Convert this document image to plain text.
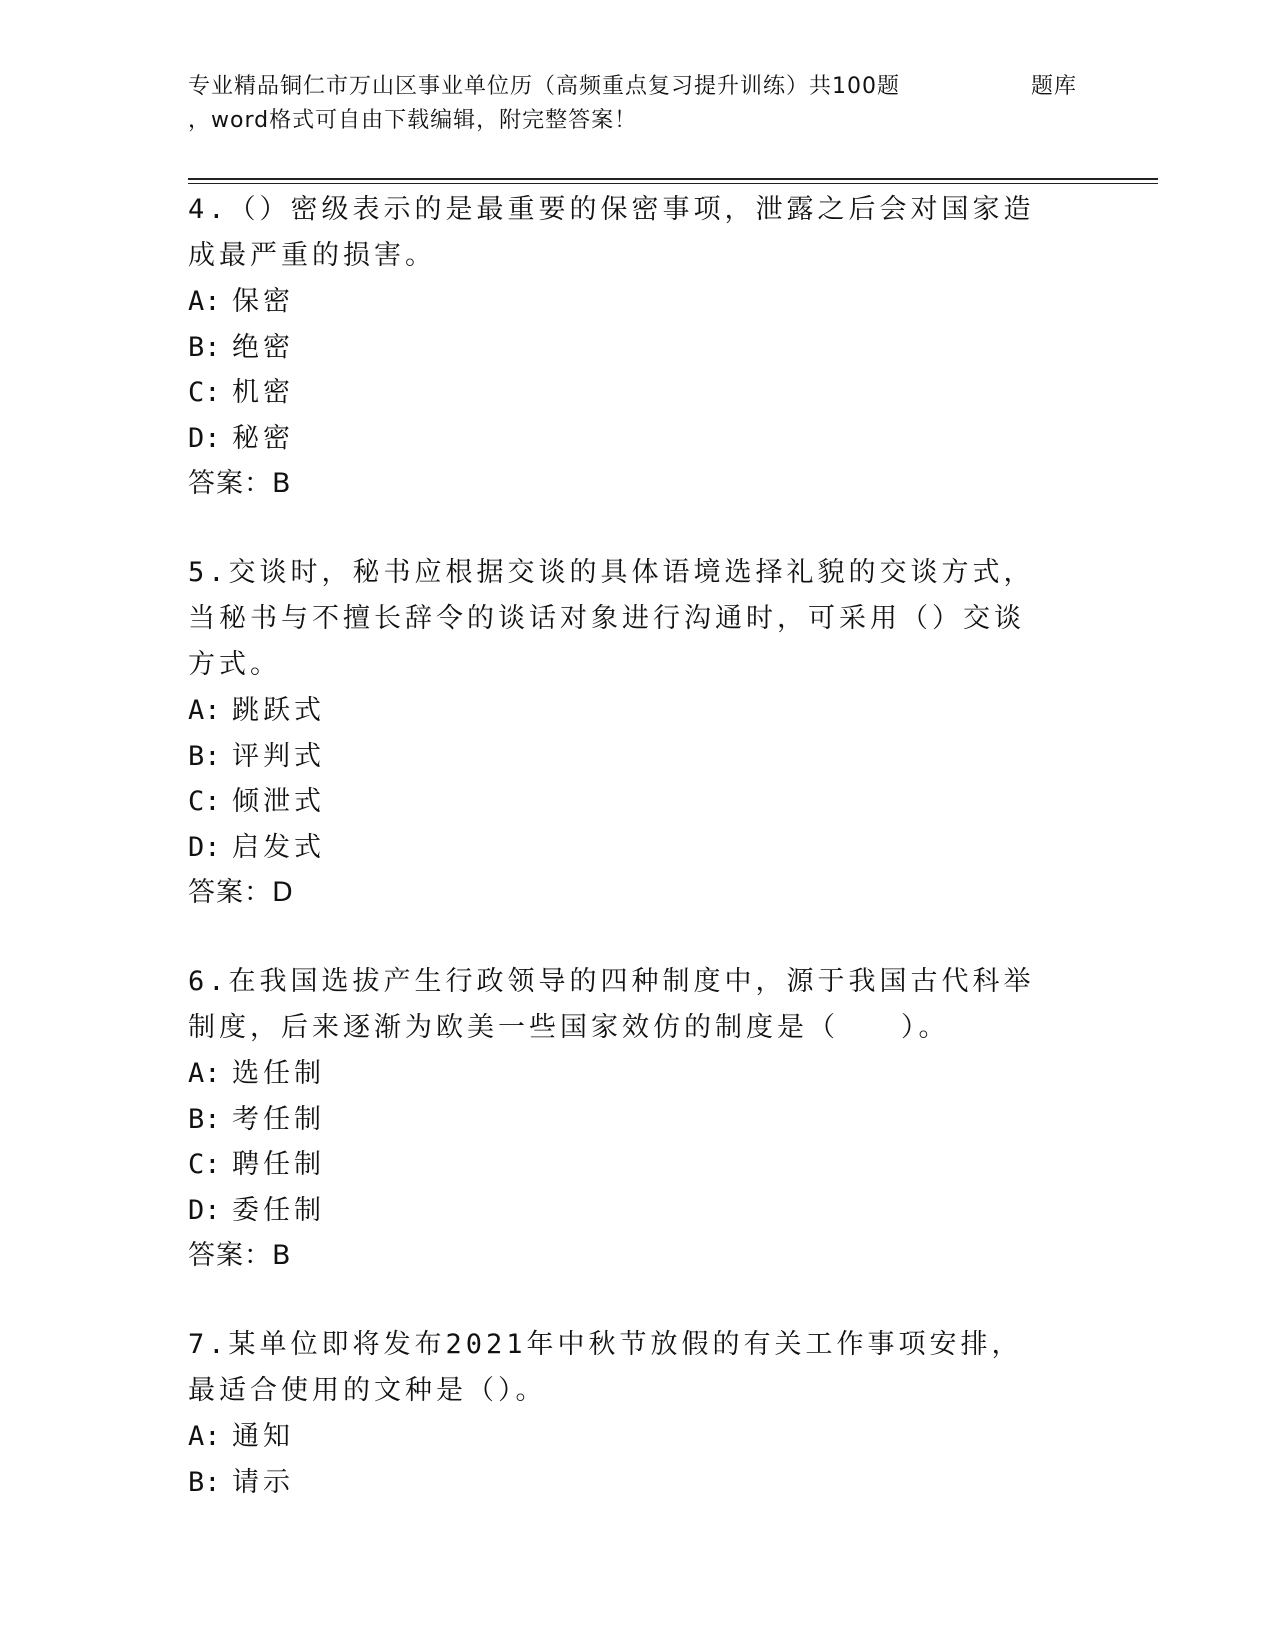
专业精品铜仁市万山区事业单位历（高频重点复习提升训练）共100题	题库
，word格式可自由下载编辑，附完整答案！
4.（）密级表示的是最重要的保密事项，泄露之后会对国家造成最严重的损害。
A: 保密
B: 绝密
C: 机密
D: 秘密
答案：B
5.交谈时，秘书应根据交谈的具体语境选择礼貌的交谈方式，当秘书与不擅长辞令的谈话对象进行沟通时，可采用（）交谈方式。
A: 跳跃式
B: 评判式
C: 倾泄式
D: 启发式
答案：D
6.在我国选拔产生行政领导的四种制度中，源于我国古代科举制度，后来逐渐为欧美一些国家效仿的制度是（　　）。
A: 选任制
B: 考任制
C: 聘任制
D: 委任制
答案：B
7.某单位即将发布2021年中秋节放假的有关工作事项安排，最适合使用的文种是（）。
A: 通知
B: 请示
